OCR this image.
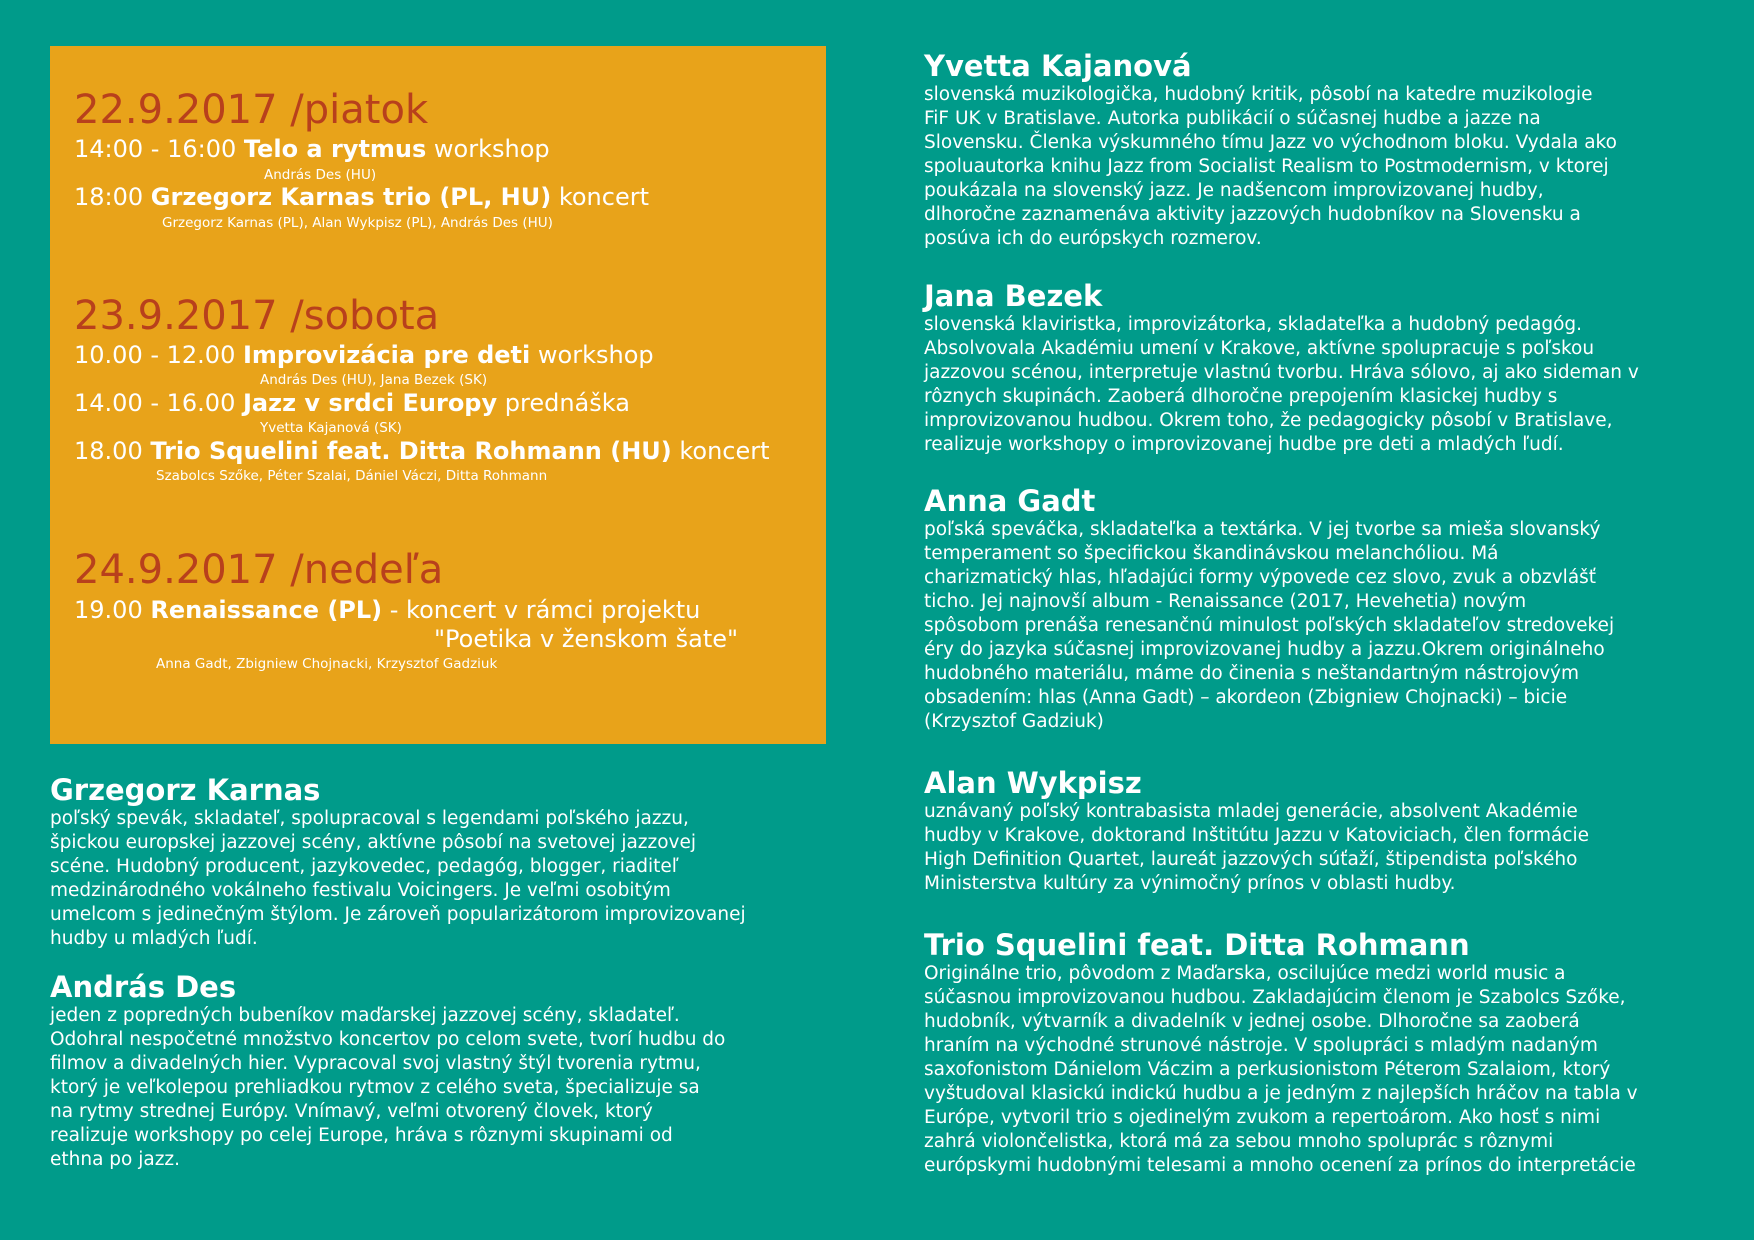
22.9.2017 /piatok
14:00 - 16:00 Telo a rytmus workshop
András Des (HU)
18:00 Grzegorz Karnas trio (PL, HU) koncert
Grzegorz Karnas (PL), Alan Wykpisz (PL), András Des (HU)
23.9.2017 /sobota
10.00 - 12.00 Improvizácia pre deti workshop
András Des (HU), Jana Bezek (SK)
14.00 - 16.00 Jazz v srdci Europy prednáška
Yvetta Kajanová (SK)
18.00 Trio Squelini feat. Ditta Rohmann (HU) koncert
Szabolcs Szőke, Péter Szalai, Dániel Váczi, Ditta Rohmann
24.9.2017 /nedeľa
19.00 Renaissance (PL) - koncert v rámci projektu
"Poetika v ženskom šate"
Anna Gadt, Zbigniew Chojnacki, Krzysztof Gadziuk
Grzegorz Karnas

poľský spevák, skladateľ, spolupracoval s legendami poľského jazzu,
špickou europskej jazzovej scény, aktívne pôsobí na svetovej jazzovej
scéne. Hudobný producent, jazykovedec, pedagóg, blogger, riaditeľ
medzinárodného vokálneho festivalu Voicingers. Je veľmi osobitým
umelcom s jedinečným štýlom. Je zároveň popularizátorom improvizovanej
hudby u mladých ľudí.

András Des

jeden z popredných bubeníkov maďarskej jazzovej scény, skladateľ.
Odohral nespočetné množstvo koncertov po celom svete, tvorí hudbu do
filmov a divadelných hier. Vypracoval svoj vlastný štýl tvorenia rytmu,
ktorý je veľkolepou prehliadkou rytmov z celého sveta, špecializuje sa
na rytmy strednej Európy. Vnímavý, veľmi otvorený človek, ktorý
realizuje workshopy po celej Europe, hráva s rôznymi skupinami od
ethna po jazz.

Yvetta Kajanová

slovenská muzikologička, hudobný kritik, pôsobí na katedre muzikologie
FiF UK v Bratislave. Autorka publikácií o súčasnej hudbe a jazze na
Slovensku. Členka výskumného tímu Jazz vo východnom bloku. Vydala ako
spoluautorka knihu Jazz from Socialist Realism to Postmodernism, v ktorej
poukázala na slovenský jazz. Je nadšencom improvizovanej hudby,
dlhoročne zaznamenáva aktivity jazzových hudobníkov na Slovensku a
posúva ich do európskych rozmerov.

Jana Bezek

slovenská klaviristka, improvizátorka, skladateľka a hudobný pedagóg.
Absolvovala Akadémiu umení v Krakove, aktívne spolupracuje s poľskou
jazzovou scénou, interpretuje vlastnú tvorbu. Hráva sólovo, aj ako sideman v
rôznych skupinách. Zaoberá dlhoročne prepojením klasickej hudby s
improvizovanou hudbou. Okrem toho, že pedagogicky pôsobí v Bratislave,
realizuje workshopy o improvizovanej hudbe pre deti a mladých ľudí.

Anna Gadt

poľská speváčka, skladateľka a textárka. V jej tvorbe sa mieša slovanský
temperament so špecifickou škandinávskou melanchóliou. Má
charizmatický hlas, hľadajúci formy výpovede cez slovo, zvuk a obzvlášť
ticho. Jej najnovší album - Renaissance (2017, Hevehetia) novým
spôsobom prenáša renesančnú minulost poľských skladateľov stredovekej
éry do jazyka súčasnej improvizovanej hudby a jazzu.Okrem originálneho
hudobného materiálu, máme do činenia s neštandartným nástrojovým
obsadením: hlas (Anna Gadt) – akordeon (Zbigniew Chojnacki) – bicie
(Krzysztof Gadziuk)

Alan Wykpisz

uznávaný poľský kontrabasista mladej generácie, absolvent Akadémie
hudby v Krakove, doktorand Inštitútu Jazzu v Katoviciach, člen formácie
High Definition Quartet, laureát jazzových súťaží, štipendista poľského
Ministerstva kultúry za výnimočný prínos v oblasti hudby.

Trio Squelini feat. Ditta Rohmann

Originálne trio, pôvodom z Maďarska, oscilujúce medzi world music a
súčasnou improvizovanou hudbou. Zakladajúcim členom je Szabolcs Szőke,
hudobník, výtvarník a divadelník v jednej osobe. Dlhoročne sa zaoberá
hraním na východné strunové nástroje. V spolupráci s mladým nadaným
saxofonistom Dánielom Váczim a perkusionistom Péterom Szalaiom, ktorý
vyštudoval klasickú indickú hudbu a je jedným z najlepších hráčov na tabla v
Európe, vytvoril trio s ojedinelým zvukom a repertoárom. Ako hosť s nimi
zahrá violončelistka, ktorá má za sebou mnoho spoluprác s rôznymi
európskymi hudobnými telesami a mnoho ocenení za prínos do interpretácie
